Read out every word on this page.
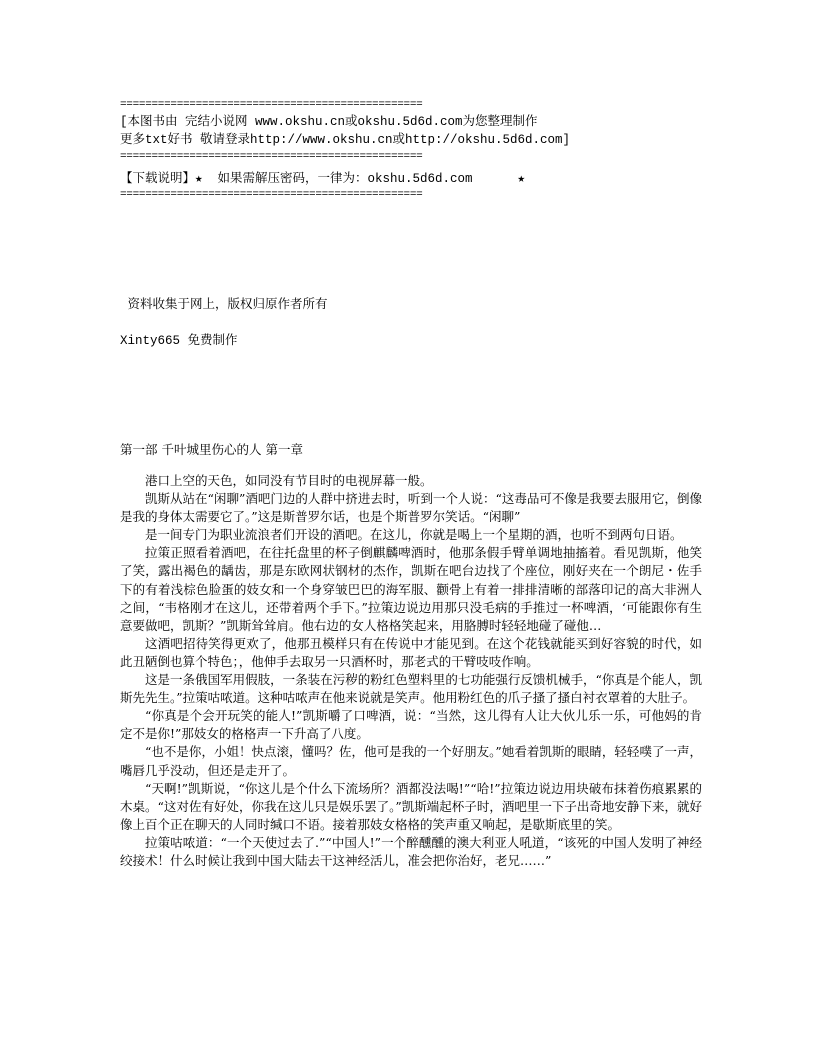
================================================
[本图书由 完结小说网 www.okshu.cn或okshu.5d6d.com为您整理制作
更多txt好书 敬请登录http://www.okshu.cn或http://okshu.5d6d.com]
================================================
【下载说明】★  如果需解压密码，一律为：okshu.5d6d.com      ★
================================================
资料收集于网上，版权归原作者所有
Xinty665 免费制作
第一部 千叶城里伤心的人 第一章

港口上空的天色，如同没有节目时的电视屏幕一般。

凯斯从站在“闲聊”酒吧门边的人群中挤进去时，听到一个人说：“这毒品可不像是我要去服用它，倒像是我的身体太需要它了。”这是斯普罗尔话，也是个斯普罗尔笑话。“闲聊”

是一间专门为职业流浪者们开设的酒吧。在这儿，你就是喝上一个星期的酒，也听不到两句日语。

拉策正照看着酒吧，在往托盘里的杯子倒麒麟啤酒时，他那条假手臂单调地抽搐着。看见凯斯，他笑了笑，露出褐色的龋齿，那是东欧网状钢材的杰作，凯斯在吧台边找了个座位，刚好夹在一个朗尼・佐手下的有着浅棕色脸蛋的妓女和一个身穿皱巴巴的海军服、颧骨上有着一排排清晰的部落印记的高大非洲人之间，“韦格刚才在这儿，还带着两个手下。”拉策边说边用那只没毛病的手推过一杯啤酒，‘可能跟你有生意要做吧，凯斯？”凯斯耸耸肩。他右边的女人格格笑起来，用胳膊时轻轻地碰了碰他…

这酒吧招待笑得更欢了，他那丑模样只有在传说中才能见到。在这个花钱就能买到好容貌的时代，如此丑陋倒也算个特色；，他伸手去取另一只酒杯时，那老式的干臂吱吱作响。

这是一条俄国军用假肢，一条装在污秽的粉红色塑料里的七功能强行反馈机械手，“你真是个能人，凯斯先先生。”拉策咕哝道。这种咕哝声在他来说就是笑声。他用粉红色的爪子搔了搔白衬衣罩着的大肚子。

“你真是个会开玩笑的能人!”凯斯嚼了口啤酒，说：“当然，这儿得有人让大伙儿乐一乐，可他妈的肯定不是你!”那妓女的格格声一下升高了八度。

“也不是你，小姐！快点滚，懂吗？佐，他可是我的一个好朋友。”她看着凯斯的眼睛，轻轻噗了一声，嘴唇几乎没动，但还是走开了。

“天啊!”凯斯说，“你这儿是个什么下流场所？酒都没法喝!”“哈!”拉策边说边用块破布抹着伤痕累累的木桌。“这对佐有好处，你我在这儿只是娱乐罢了。”凯斯端起杯子时，酒吧里一下子出奇地安静下来，就好像上百个正在聊天的人同时缄口不语。接着那妓女格格的笑声重又响起，是歇斯底里的笑。

拉策咕哝道：“一个天使过去了.”“中国人!”一个醉醺醺的澳大利亚人吼道，“该死的中国人发明了神经绞接术！什么时候让我到中国大陆去干这神经活儿，准会把你治好，老兄……”
